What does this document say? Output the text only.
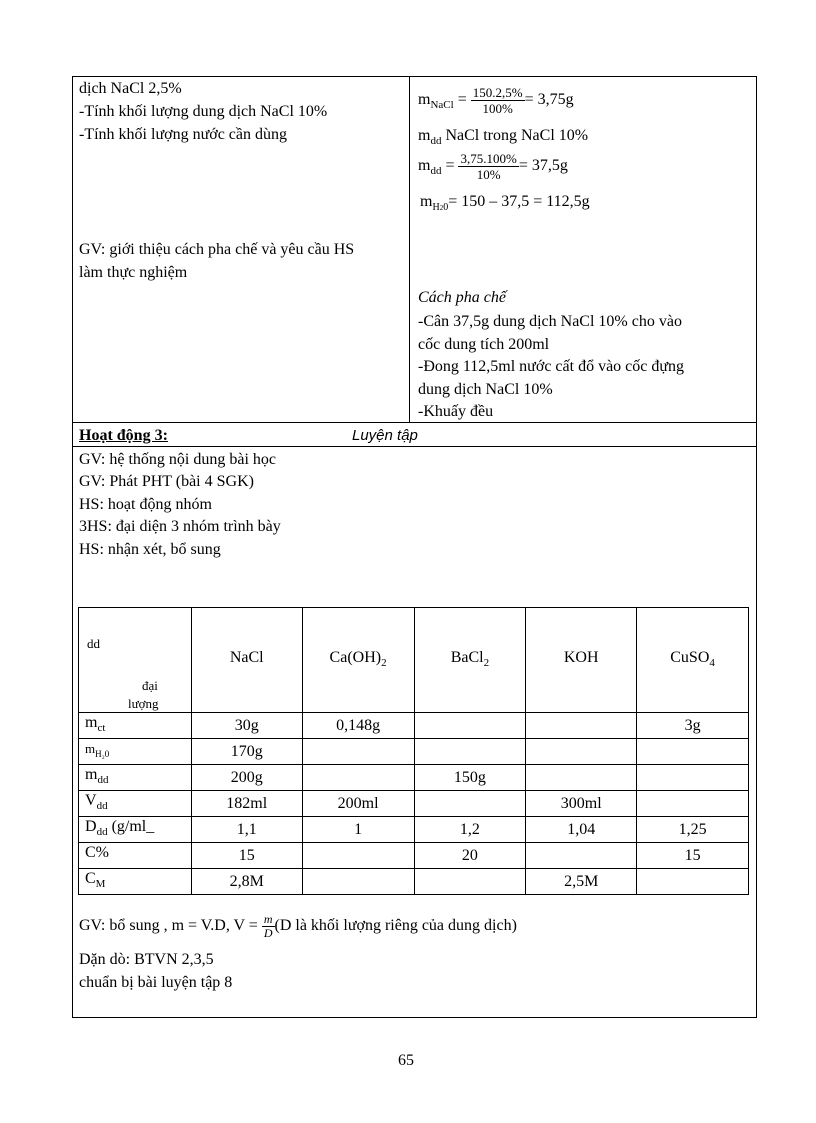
dịch NaCl 2,5%
-Tính khối lượng dung dịch NaCl 10%
-Tính khối lượng nước cần dùng
GV: giới thiệu cách pha chế và yêu cầu HS
làm thực nghiệm
$m_{NaCl} = \frac{150.2,5\%}{100\%} = 3,75g$
$m_{dd}$ NaCl trong NaCl 10%
$m_{dd} = \frac{3,75.100\%}{10\%} = 37,5g$
$m_{H20}= 150 - 37,5 = 112,5g$
Cách pha chế
-Cân 37,5g dung dịch NaCl 10% cho vào
cốc dung tích 200ml
-Đong 112,5ml nước cất đổ vào cốc đựng
dung dịch NaCl 10%
-Khuấy đều
Hoạt động 3:	Luyện tập
GV: hệ thống nội dung bài học
GV: Phát PHT (bài 4 SGK)
HS: hoạt động nhóm
3HS: đại diện 3 nhóm trình bày
HS: nhận xét, bổ sung
dd
đại
lượng	NaCl	$Ca(OH)_2$	BaCl$_2$	KOH	CuSO$_4$
$m_{ct}$	30g	0,148g			3g
$m_{H_20}$	170g				
$m_{dd}$	200g		150g		
$V_{dd}$	182ml	200ml		300ml	
$D_{dd}$ (g/ml_	1,1	1	1,2	1,04	1,25
C%	15		20		15
$C_M$	2,8M			2,5M	
GV: bổ sung , m = V.D, $V = \frac{m}{D} (D$ là khối lượng riêng của dung dịch)
Dặn dò: BTVN 2,3,5
chuẩn bị bài luyện tập 8
65
